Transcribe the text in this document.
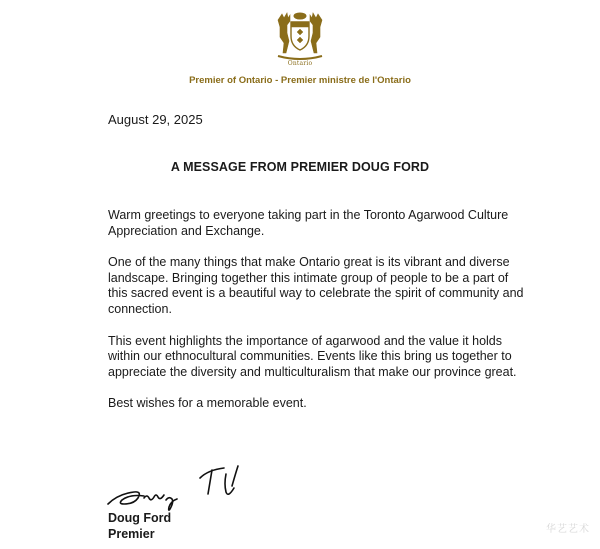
Ontario
Premier of Ontario - Premier ministre de l'Ontario
August 29, 2025
A MESSAGE FROM PREMIER DOUG FORD

Warm greetings to everyone taking part in the Toronto Agarwood Culture Appreciation and Exchange.

One of the many things that make Ontario great is its vibrant and diverse landscape. Bringing together this intimate group of people to be a part of this sacred event is a beautiful way to celebrate the spirit of community and connection.

This event highlights the importance of agarwood and the value it holds within our ethnocultural communities. Events like this bring us together to appreciate the diversity and multiculturalism that make our province great.

Best wishes for a memorable event.

Doug Ford
Premier	华艺艺术
